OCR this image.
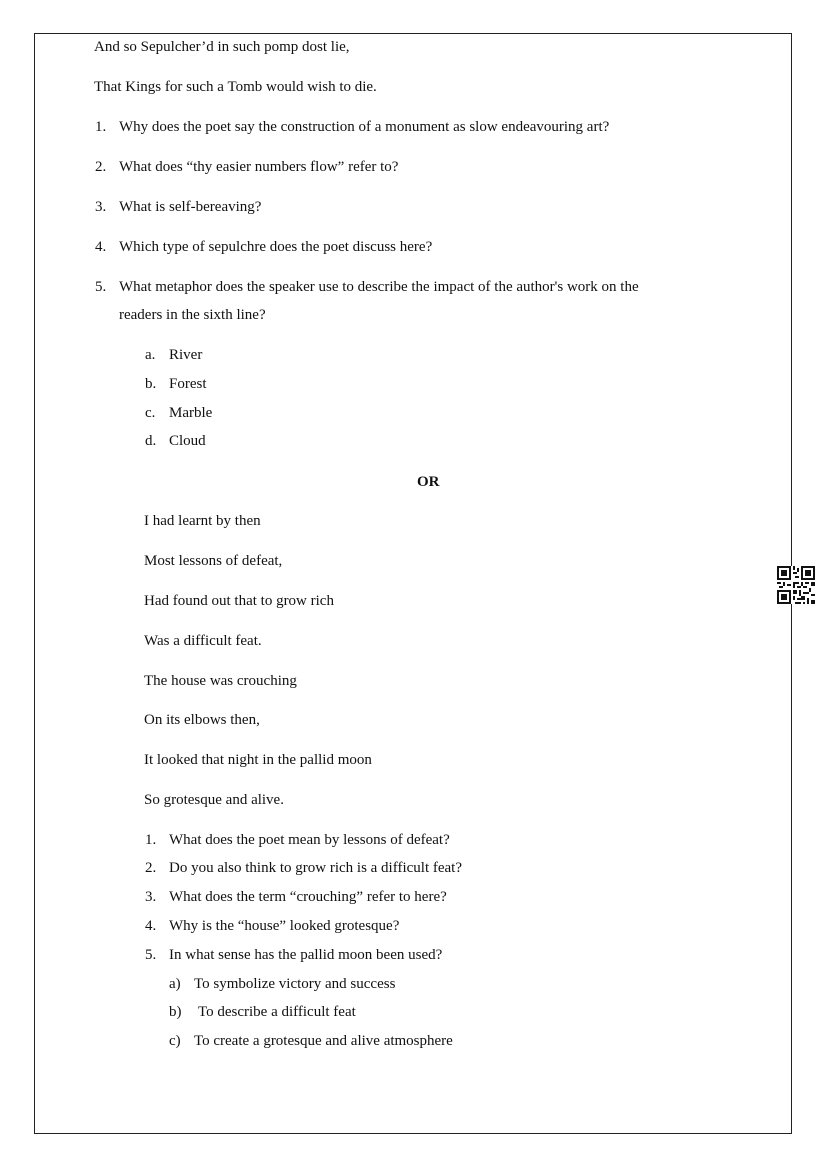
And so Sepulcher’d in such pomp dost lie,
That Kings for such a Tomb would wish to die.
1. Why does the poet say the construction of a monument as slow endeavouring art?
2. What does “thy easier numbers flow” refer to?
3. What is self-bereaving?
4. Which type of sepulchre does the poet discuss here?
5. What metaphor does the speaker use to describe the impact of the author's work on the
readers in the sixth line?
a. River
b. Forest
c. Marble
d. Cloud
OR
I had learnt by then
Most lessons of defeat,
Had found out that to grow rich
Was a difficult feat.
The house was crouching
On its elbows then,
It looked that night in the pallid moon
So grotesque and alive.
1. What does the poet mean by lessons of defeat?
2. Do you also think to grow rich is a difficult feat?
3. What does the term “crouching” refer to here?
4. Why is the “house” looked grotesque?
5. In what sense has the pallid moon been used?
a) To symbolize victory and success
b) To describe a difficult feat
c) To create a grotesque and alive atmosphere
